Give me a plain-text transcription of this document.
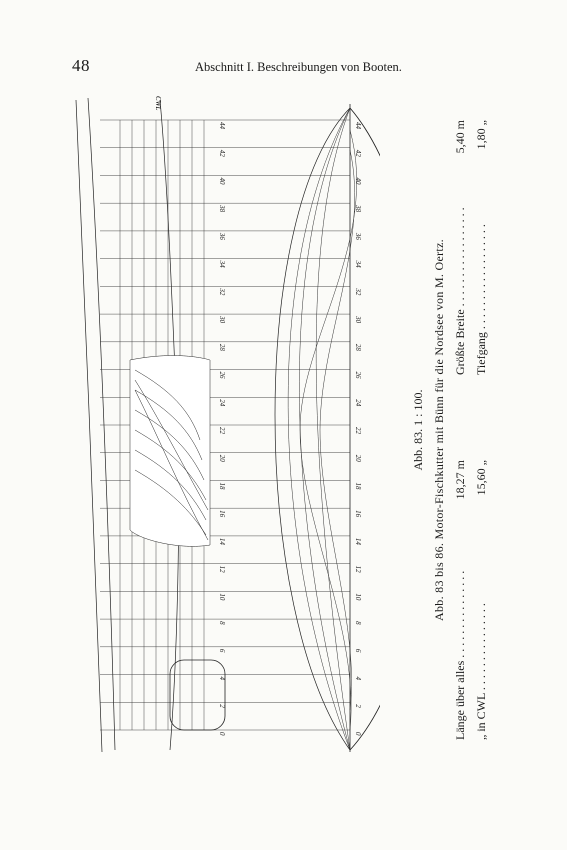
48	Abschnitt I. Beschreibungen von Booten.
CWL
0
0
2
2
4
4
6
6
8
8
10
10
12
12
14
14
16
16
18
18
20
20
22
22
24
24
26
26
28
28
30
30
32
32
34
34
36
36
38
38
40
40
42
42
44
44
Abb. 83. 1 : 100. Abb. 83 bis 86. Motor-Fischkutter mit Bünn für die Nordsee von M. Oertz.
Länge über alles . . . . . . . . . . . . . . .
18,27 m
„ in CWL . . . . . . . . . . . . . . .
15,60 „
Größte Breite . . . . . . . . . . . . . . . . .
5,40 m
Tiefgang . . . . . . . . . . . . . . . . . .
1,80 „
